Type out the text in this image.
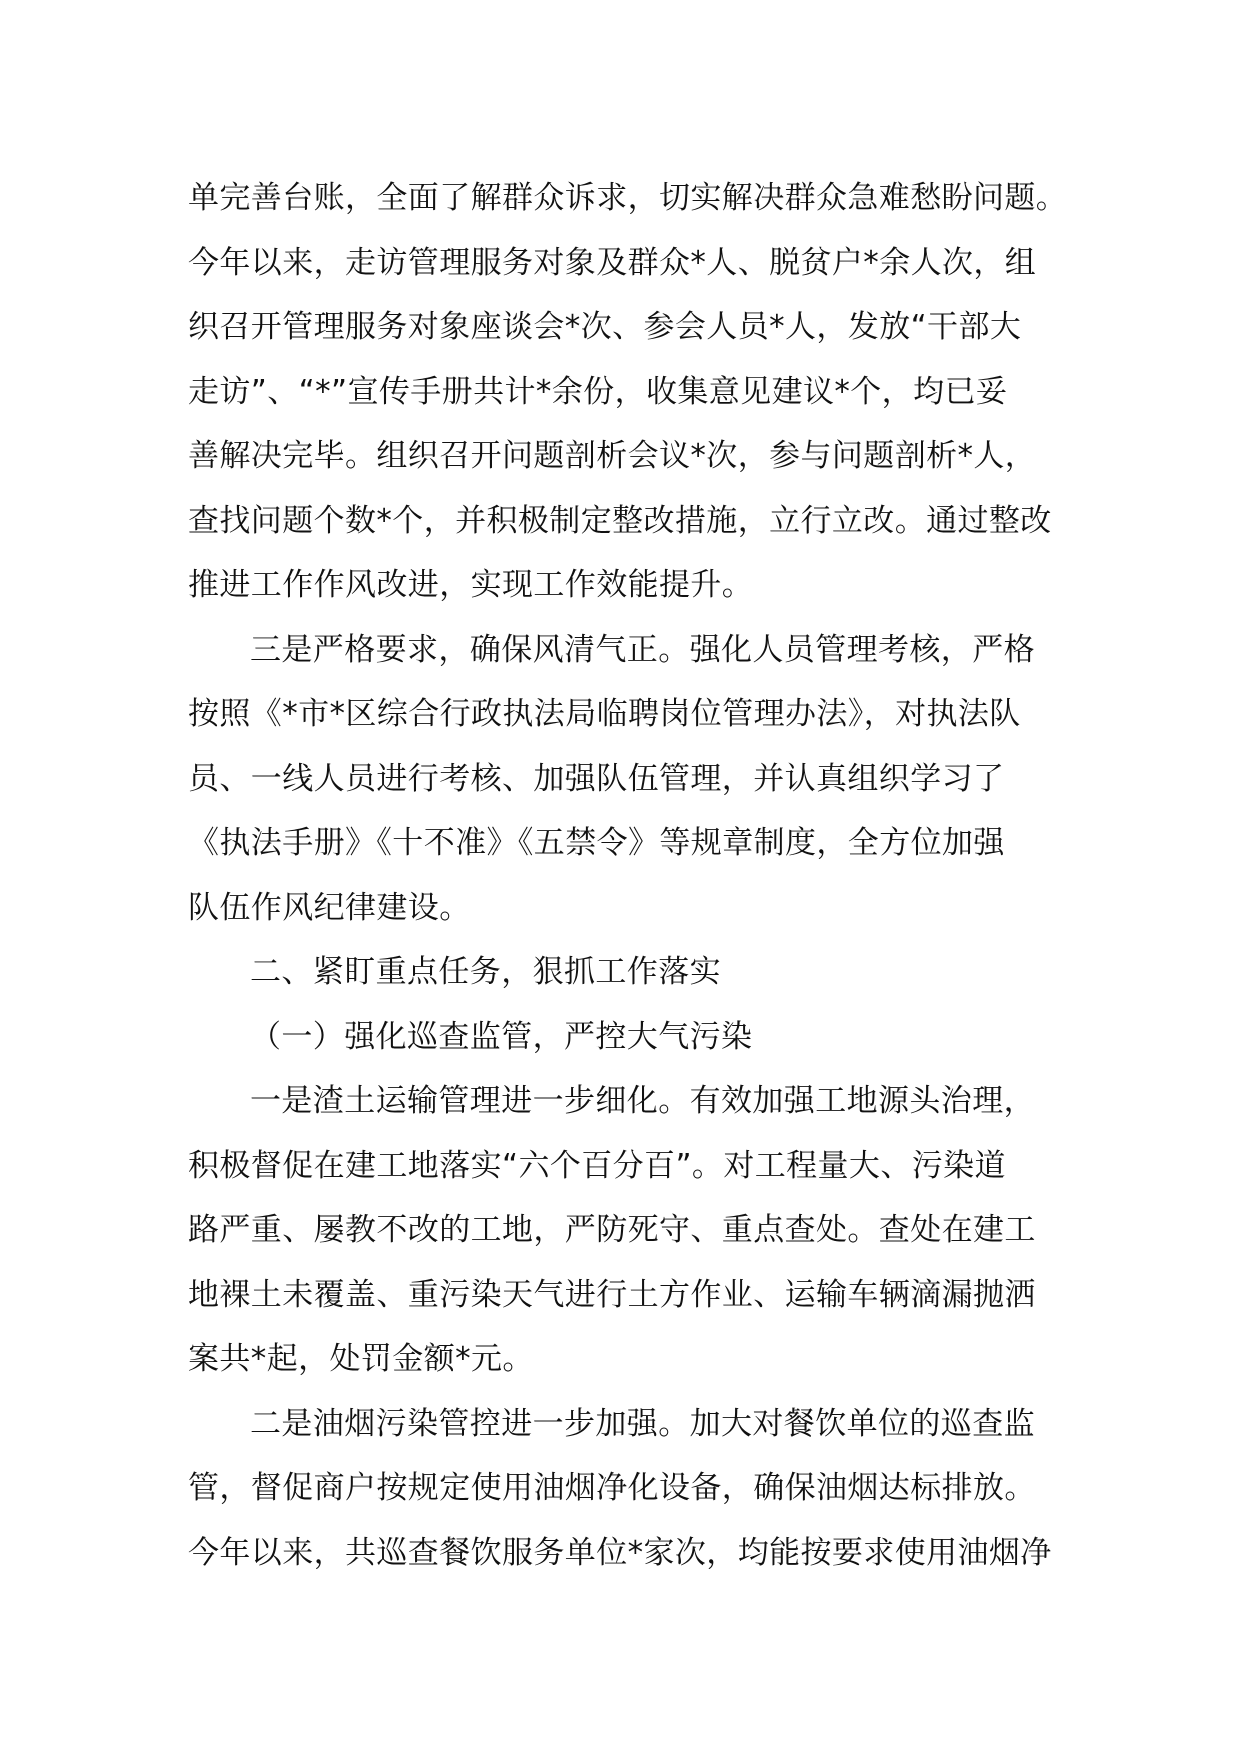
单完善台账，全面了解群众诉求，切实解决群众急难愁盼问题。
今年以来，走访管理服务对象及群众*人、脱贫户*余人次，组
织召开管理服务对象座谈会*次、参会人员*人，发放“干部大
走访”、“*”宣传手册共计*余份，收集意见建议*个，均已妥
善解决完毕。组织召开问题剖析会议*次，参与问题剖析*人，
查找问题个数*个，并积极制定整改措施，立行立改。通过整改
推进工作作风改进，实现工作效能提升。
三是严格要求，确保风清气正。强化人员管理考核，严格
按照《*市*区综合行政执法局临聘岗位管理办法》，对执法队
员、一线人员进行考核、加强队伍管理，并认真组织学习了
《执法手册》《十不准》《五禁令》等规章制度，全方位加强
队伍作风纪律建设。
二、紧盯重点任务，狠抓工作落实
（一）强化巡查监管，严控大气污染
一是渣土运输管理进一步细化。有效加强工地源头治理，
积极督促在建工地落实“六个百分百”。对工程量大、污染道
路严重、屡教不改的工地，严防死守、重点查处。查处在建工
地裸土未覆盖、重污染天气进行土方作业、运输车辆滴漏抛洒
案共*起，处罚金额*元。
二是油烟污染管控进一步加强。加大对餐饮单位的巡查监
管，督促商户按规定使用油烟净化设备，确保油烟达标排放。
今年以来，共巡查餐饮服务单位*家次，均能按要求使用油烟净
